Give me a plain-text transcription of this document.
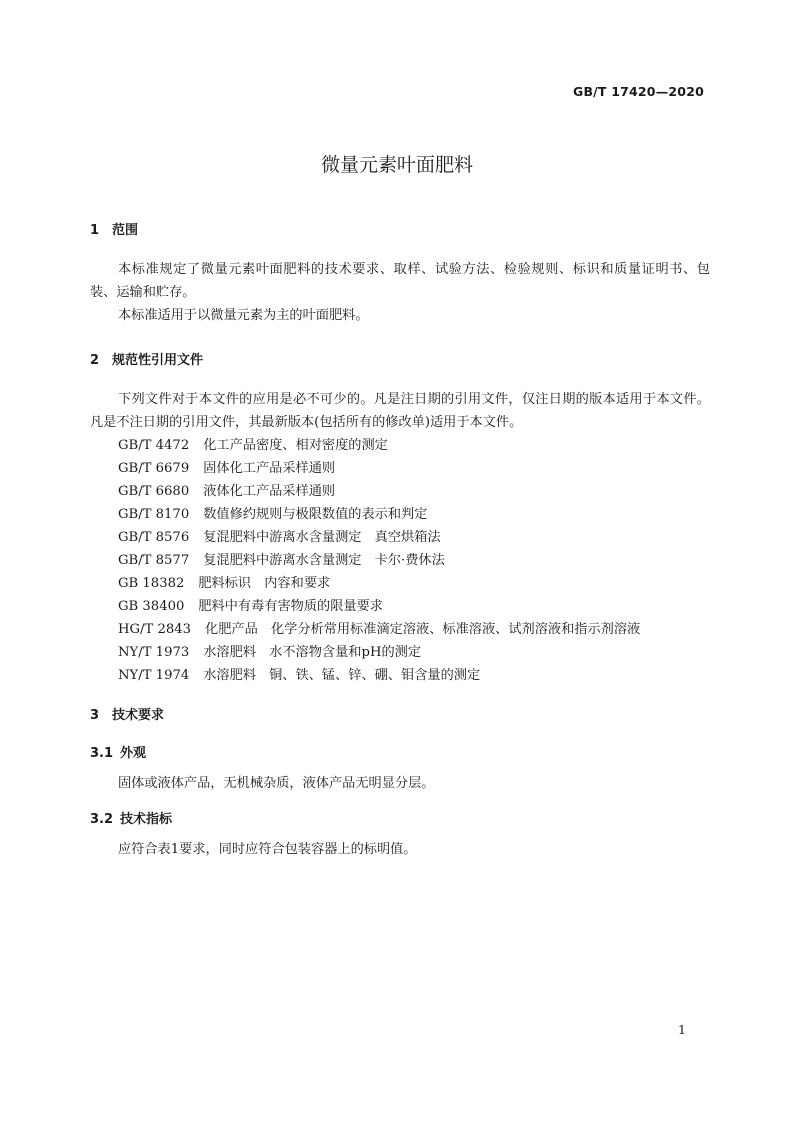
GB/T 17420—2020
微量元素叶面肥料
1 范围

本标准规定了微量元素叶面肥料的技术要求、取样、试验方法、检验规则、标识和质量证明书、包装、运输和贮存。

本标准适用于以微量元素为主的叶面肥料。

2 规范性引用文件

下列文件对于本文件的应用是必不可少的。凡是注日期的引用文件，仅注日期的版本适用于本文件。凡是不注日期的引用文件，其最新版本(包括所有的修改单)适用于本文件。

GB/T 4472 化工产品密度、相对密度的测定
GB/T 6679 固体化工产品采样通则
GB/T 6680 液体化工产品采样通则
GB/T 8170 数值修约规则与极限数值的表示和判定
GB/T 8576 复混肥料中游离水含量测定　真空烘箱法
GB/T 8577 复混肥料中游离水含量测定　卡尔·费休法
GB 18382 肥料标识　内容和要求
GB 38400 肥料中有毒有害物质的限量要求
HG/T 2843 化肥产品　化学分析常用标准滴定溶液、标准溶液、试剂溶液和指示剂溶液
NY/T 1973 水溶肥料　水不溶物含量和pH的测定
NY/T 1974 水溶肥料　铜、铁、锰、锌、硼、钼含量的测定
3 技术要求
3.1 外观

固体或液体产品，无机械杂质，液体产品无明显分层。

3.2 技术指标

应符合表1要求，同时应符合包装容器上的标明值。

1
